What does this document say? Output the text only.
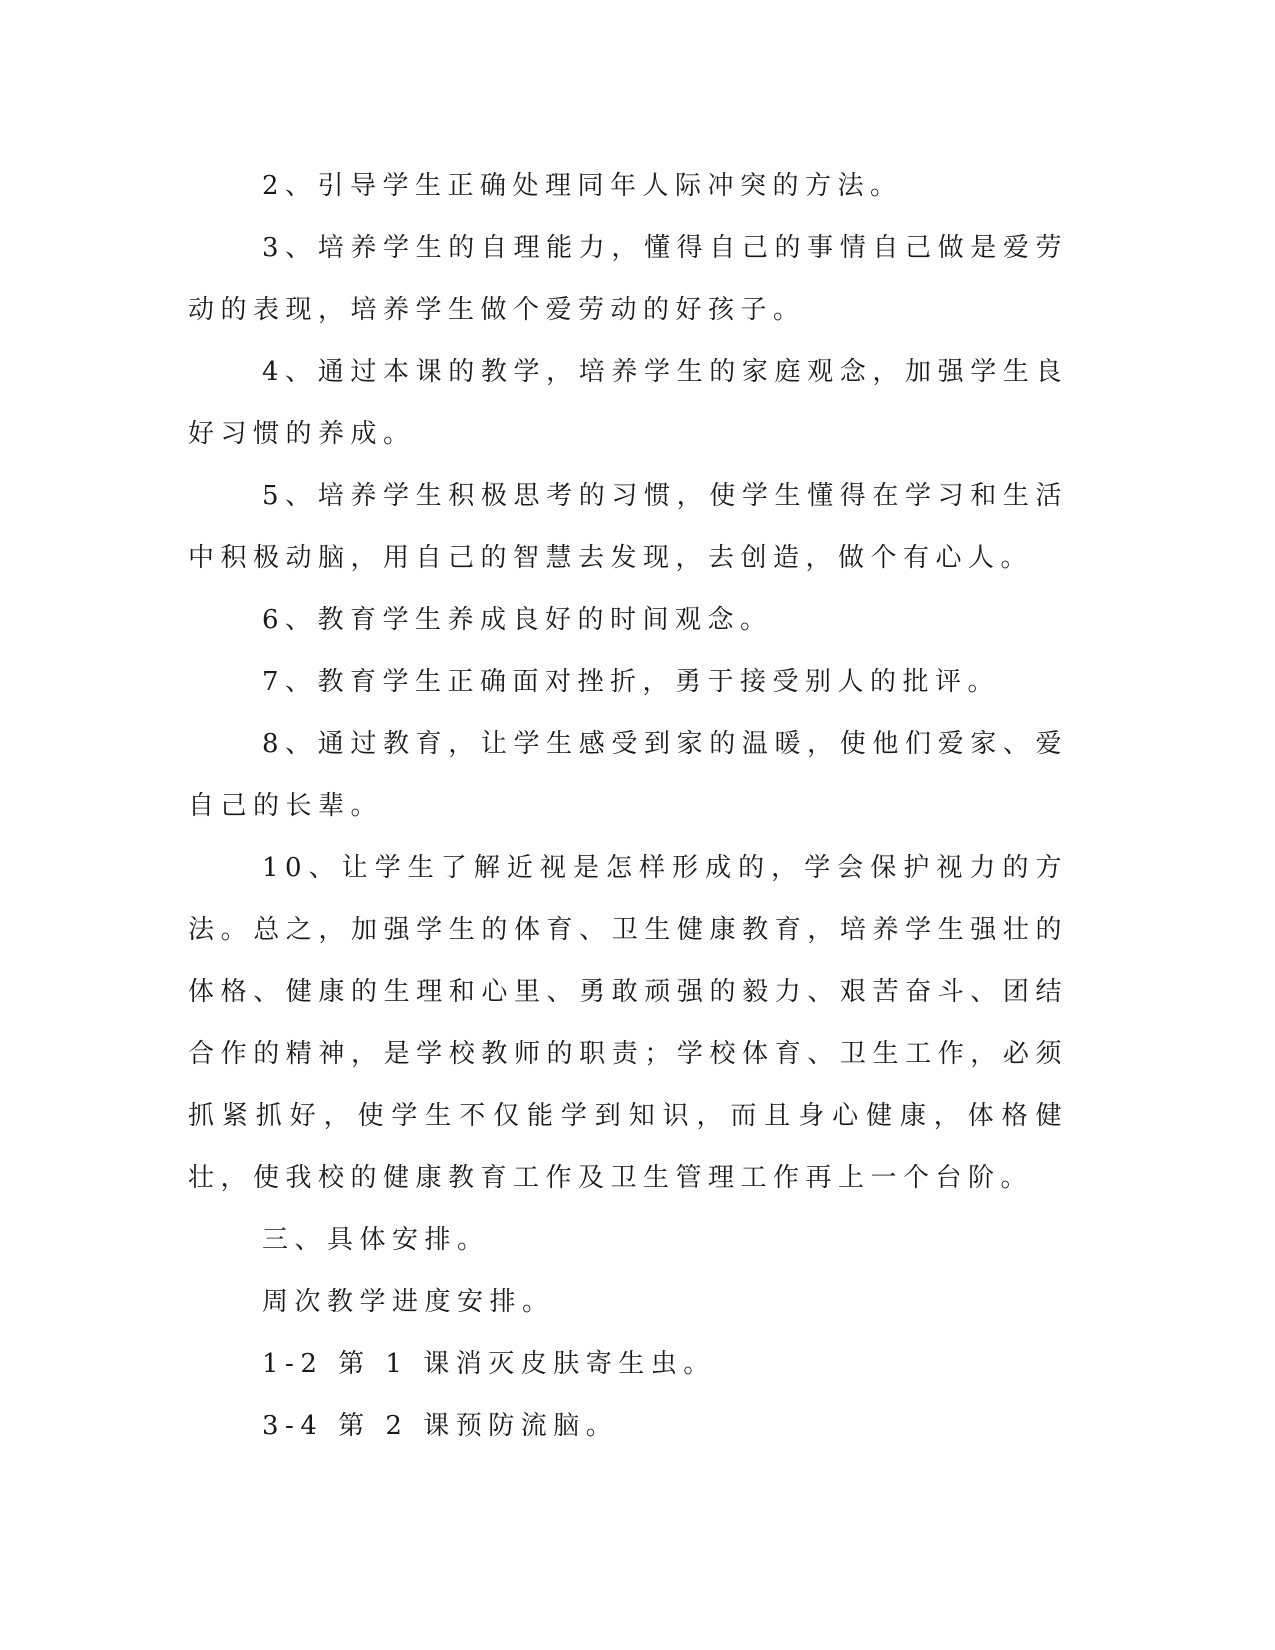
2、引导学生正确处理同年人际冲突的方法。

3、培养学生的自理能力，懂得自己的事情自己做是爱劳动的表现，培养学生做个爱劳动的好孩子。

4、通过本课的教学，培养学生的家庭观念，加强学生良好习惯的养成。

5、培养学生积极思考的习惯，使学生懂得在学习和生活中积极动脑，用自己的智慧去发现，去创造，做个有心人。

6、教育学生养成良好的时间观念。

7、教育学生正确面对挫折，勇于接受别人的批评。

8、通过教育，让学生感受到家的温暖，使他们爱家、爱自己的长辈。

10、让学生了解近视是怎样形成的，学会保护视力的方法。总之，加强学生的体育、卫生健康教育，培养学生强壮的体格、健康的生理和心里、勇敢顽强的毅力、艰苦奋斗、团结合作的精神，是学校教师的职责；学校体育、卫生工作，必须抓紧抓好，使学生不仅能学到知识，而且身心健康，体格健壮，使我校的健康教育工作及卫生管理工作再上一个台阶。

三、具体安排。

周次教学进度安排。

1-2 第 1 课消灭皮肤寄生虫。

3-4 第 2 课预防流脑。
